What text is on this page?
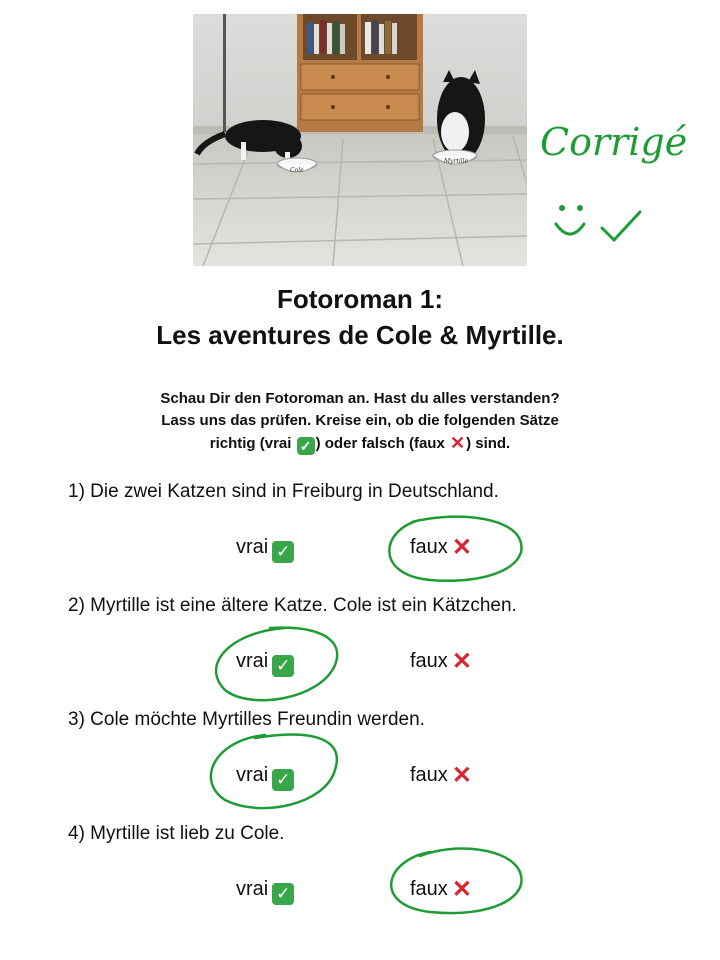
Cole
Myrtille Corrigé
Fotoroman 1:
Les aventures de Cole & Myrtille.
Schau Dir den Fotoroman an. Hast du alles verstanden?
Lass uns das prüfen. Kreise ein, ob die folgenden Sätze
richtig (vrai ✓ ) oder falsch (faux ✕) sind.
1) Die zwei Katzen sind in Freiburg in Deutschland.
vrai ✓	faux ✕
2) Myrtille ist eine ältere Katze. Cole ist ein Kätzchen.
vrai ✓	faux ✕
3) Cole möchte Myrtilles Freundin werden.
vrai ✓	faux ✕
4) Myrtille ist lieb zu Cole.
vrai ✓	faux ✕
